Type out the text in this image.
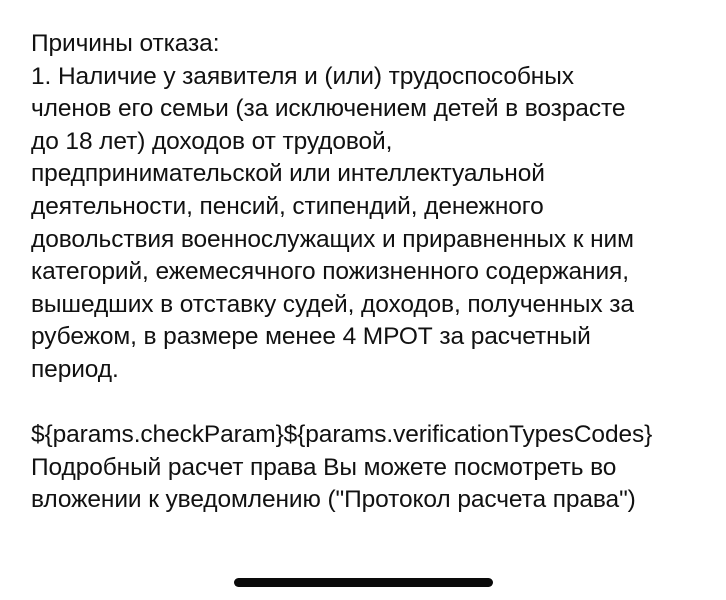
Причины отказа:
1. Наличие у заявителя и (или) трудоспособных
членов его семьи (за исключением детей в возрасте
до 18 лет) доходов от трудовой,
предпринимательской или интеллектуальной
деятельности, пенсий, стипендий, денежного
довольствия военнослужащих и приравненных к ним
категорий, ежемесячного пожизненного содержания,
вышедших в отставку судей, доходов, полученных за
рубежом, в размере менее 4 МРОТ за расчетный
период.
${params.checkParam}${params.verificationTypesCodes}
Подробный расчет права Вы можете посмотреть во
вложении к уведомлению ("Протокол расчета права")
